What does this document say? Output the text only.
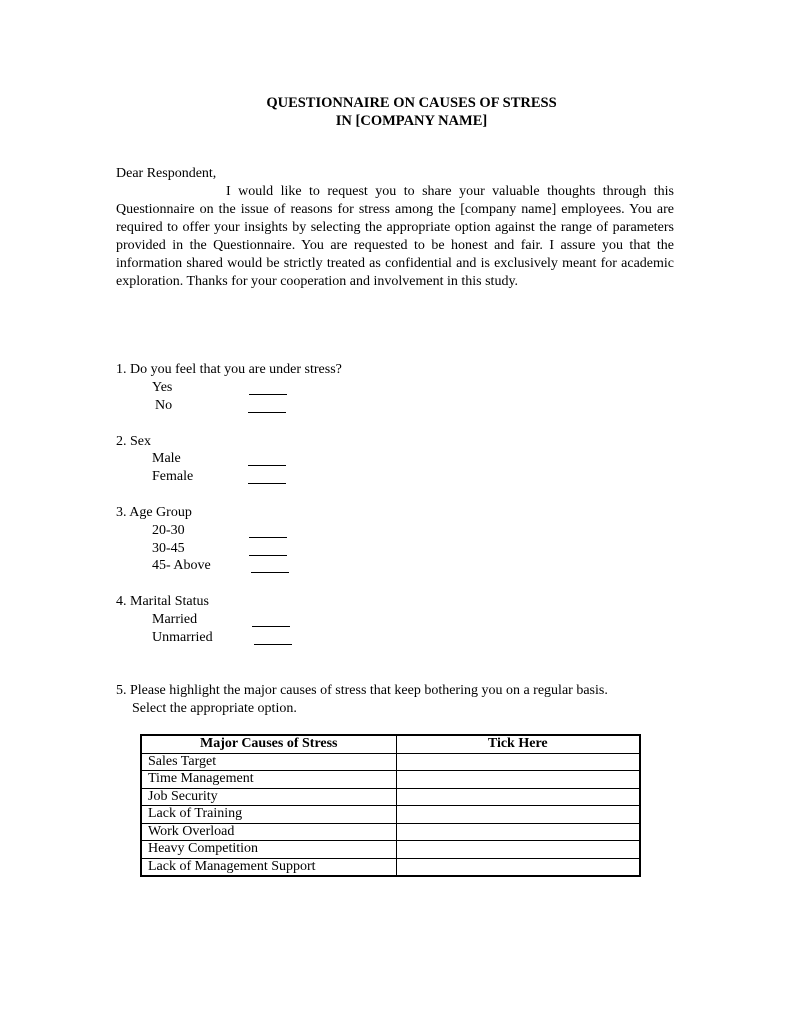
QUESTIONNAIRE ON CAUSES OF STRESS
IN [COMPANY NAME]
Dear Respondent,

I would like to request you to share your valuable thoughts through this Questionnaire on the issue of reasons for stress among the [company name] employees. You are required to offer your insights by selecting the appropriate option against the range of parameters provided in the Questionnaire. You are requested to be honest and fair. I assure you that the information shared would be strictly treated as confidential and is exclusively meant for academic exploration. Thanks for your cooperation and involvement in this study.

1. Do you feel that you are under stress?
Yes
No
2. Sex
Male
Female
3. Age Group
20-30
30-45
45- Above
4. Marital Status
Married
Unmarried
5. Please highlight the major causes of stress that keep bothering you on a regular basis.
Select the appropriate option.
Major Causes of Stress	Tick Here
Sales Target	
Time Management	
Job Security	
Lack of Training	
Work Overload	
Heavy Competition	
Lack of Management Support	
